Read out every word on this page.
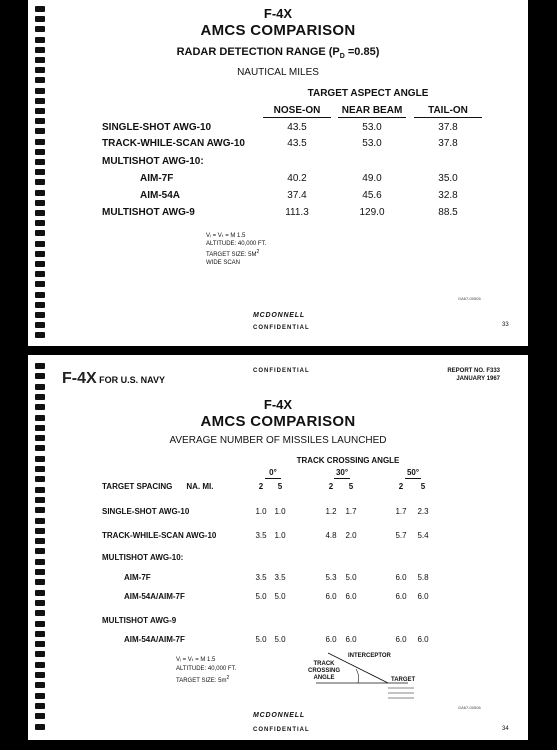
F-4X
AMCS COMPARISON
RADAR DETECTION RANGE $(P_D =0.85)$
NAUTICAL MILES
TARGET ASPECT ANGLE
Vᵢ = Vₜ = M 1.5
ALTITUDE: 40,000 FT.
TARGET SIZE: $5M^2$
WIDE SCAN
GA67-00505
MCDONNELL
CONFIDENTIAL	33
NOSE-ON	NEAR BEAM	TAIL-ON
SINGLE-SHOT AWG-10	43.5	53.0	37.8
TRACK-WHILE-SCAN AWG-10	43.5	53.0	37.8
MULTISHOT AWG-10:
AIM-7F	40.2	49.0	35.0
AIM-54A	37.4	45.6	32.8
MULTISHOT AWG-9	111.3	129.0	88.5
CONFIDENTIAL
F-4X FOR U.S. NAVY
REPORT NO. F333
JANUARY 1967
F-4X
AMCS COMPARISON
AVERAGE NUMBER OF MISSILES LAUNCHED
TRACK CROSSING ANGLE
TARGET SPACING NA. MI.
Vᵢ = Vₜ = M 1.5
ALTITUDE: 40,000 FT.
TARGET SIZE: $5m^2$
INTERCEPTOR
TRACK
CROSSING
ANGLE	TARGET
GA67-00506
MCDONNELL
CONFIDENTIAL	34
0°	30°	50°
2	5	2	5	2	5
SINGLE-SHOT AWG-10	1.0 1.0	1.2	1.7	1.7	2.3
TRACK-WHILE-SCAN AWG-10	3.5 1.0	4.8	2.0	5.7	5.4
MULTISHOT AWG-10:
AIM-7F	3.5 3.5	5.3	5.0	6.0	5.8
AIM-54A/AIM-7F	5.0 5.0	6.0	6.0	6.0	6.0
MULTISHOT AWG-9
AIM-54A/AIM-7F	5.0 5.0	6.0	6.0	6.0	6.0
